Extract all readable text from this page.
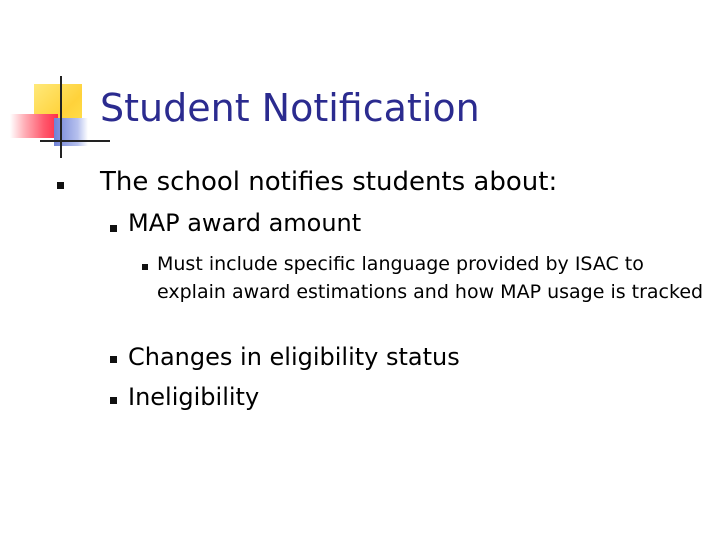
Student Notification
The school notifies students about:
MAP award amount
Must include specific language provided by ISAC to explain award estimations and how MAP usage is tracked
Changes in eligibility status
Ineligibility
